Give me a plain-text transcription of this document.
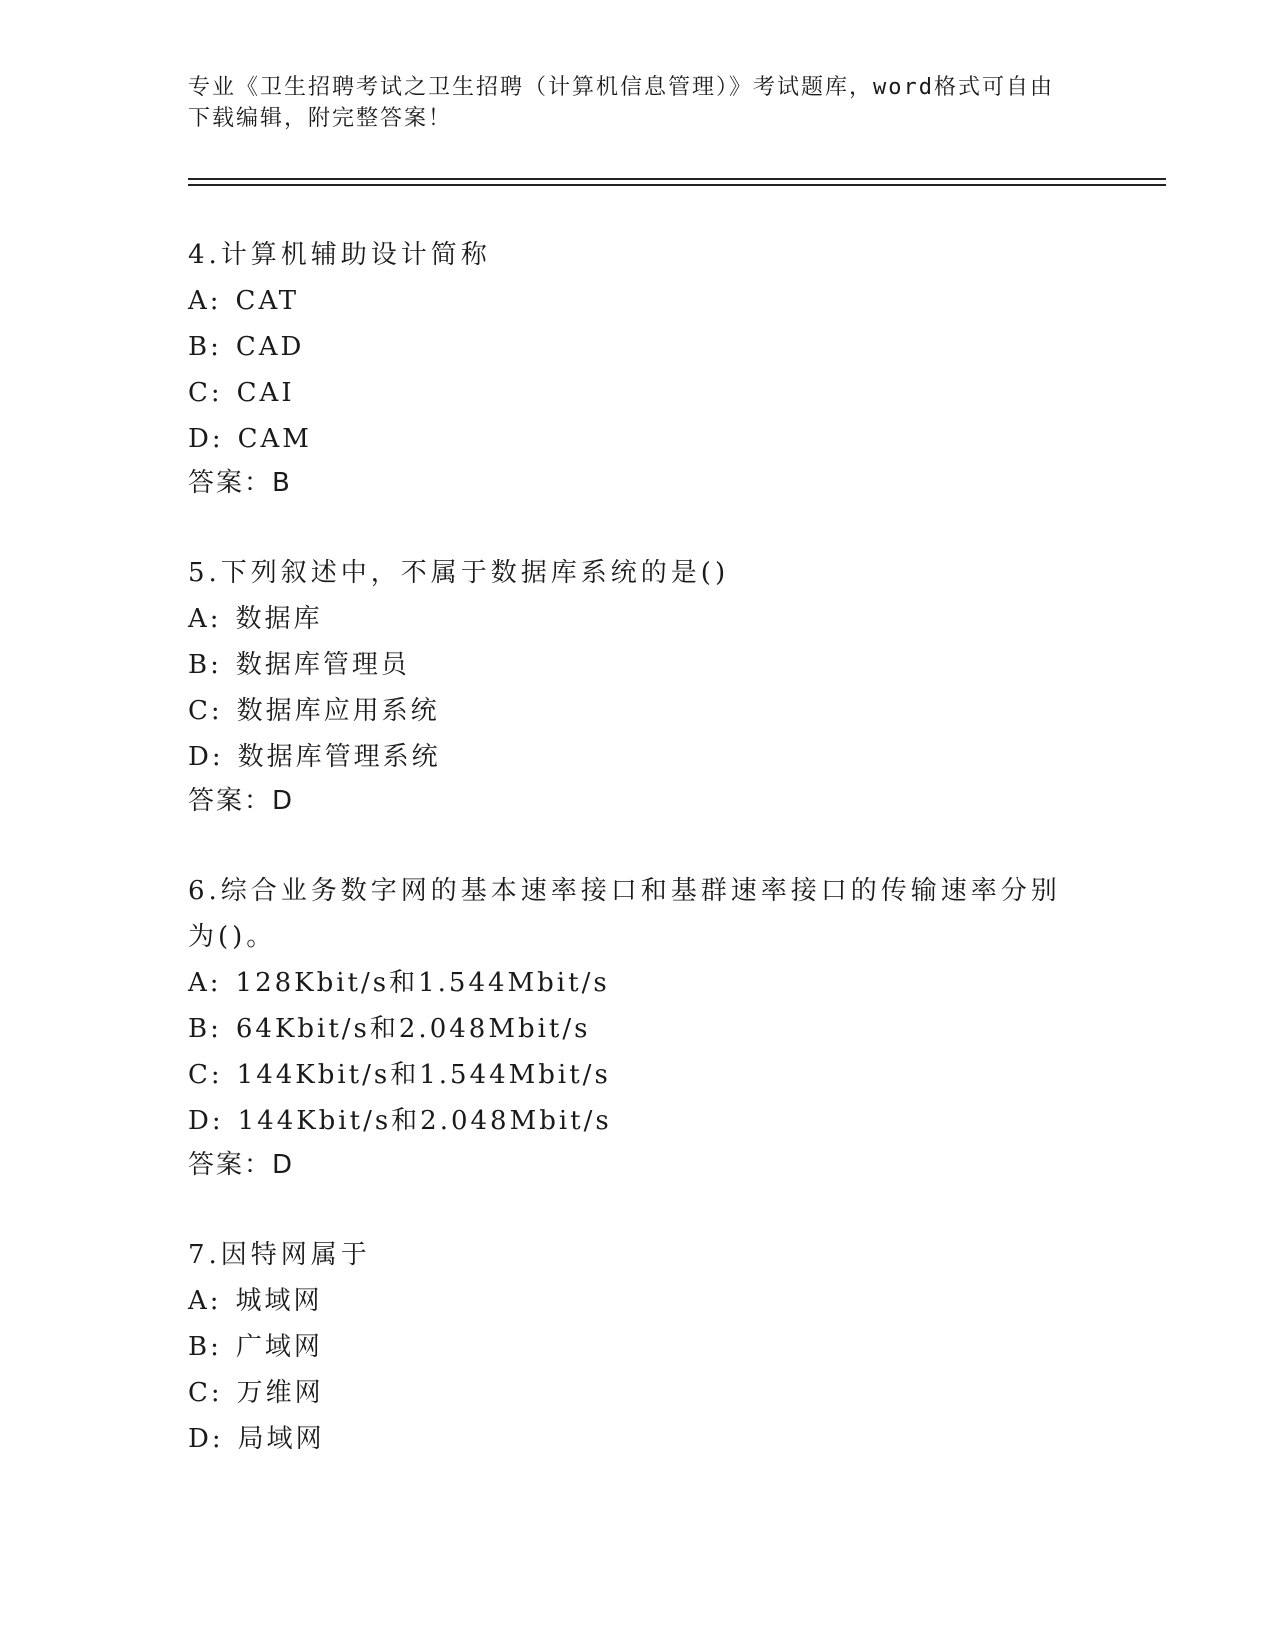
专业《卫生招聘考试之卫生招聘（计算机信息管理）》考试题库，word格式可自由下载编辑，附完整答案！
4.计算机辅助设计简称
A: CAT
B: CAD
C: CAI
D: CAM
答案：B
5.下列叙述中，不属于数据库系统的是()
A: 数据库
B: 数据库管理员
C: 数据库应用系统
D: 数据库管理系统
答案：D
6.综合业务数字网的基本速率接口和基群速率接口的传输速率分别为()。
A: 128Kbit/s和1.544Mbit/s
B: 64Kbit/s和2.048Mbit/s
C: 144Kbit/s和1.544Mbit/s
D: 144Kbit/s和2.048Mbit/s
答案：D
7.因特网属于
A: 城域网
B: 广域网
C: 万维网
D: 局域网
